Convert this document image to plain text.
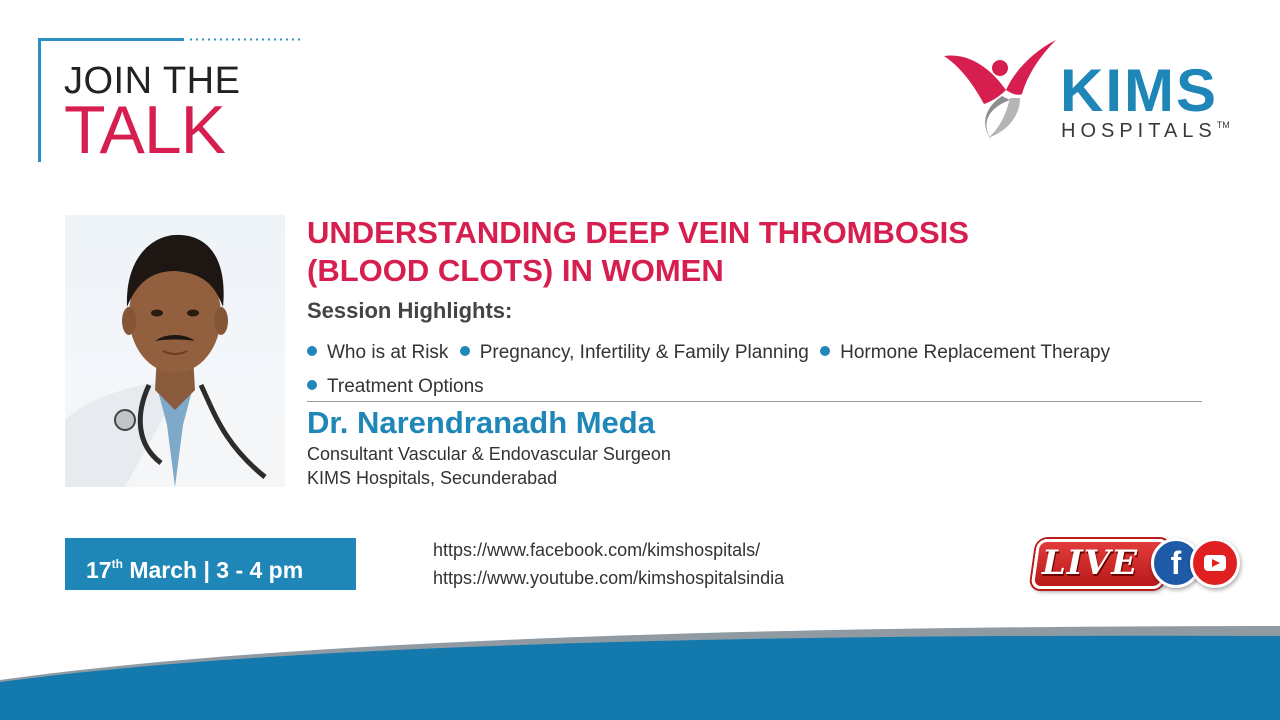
JOIN THE
TALK
KIMS
HOSPITALS™
UNDERSTANDING DEEP VEIN THROMBOSIS
(BLOOD CLOTS) IN WOMEN
Session Highlights:
Who is at Risk Pregnancy, Infertility & Family Planning Hormone Replacement Therapy Treatment Options
Dr. Narendranadh Meda
Consultant Vascular & Endovascular Surgeon
KIMS Hospitals, Secunderabad
17th March | 3 - 4 pm
https://www.facebook.com/kimshospitals/
https://www.youtube.com/kimshospitalsindia	LIVE	f
